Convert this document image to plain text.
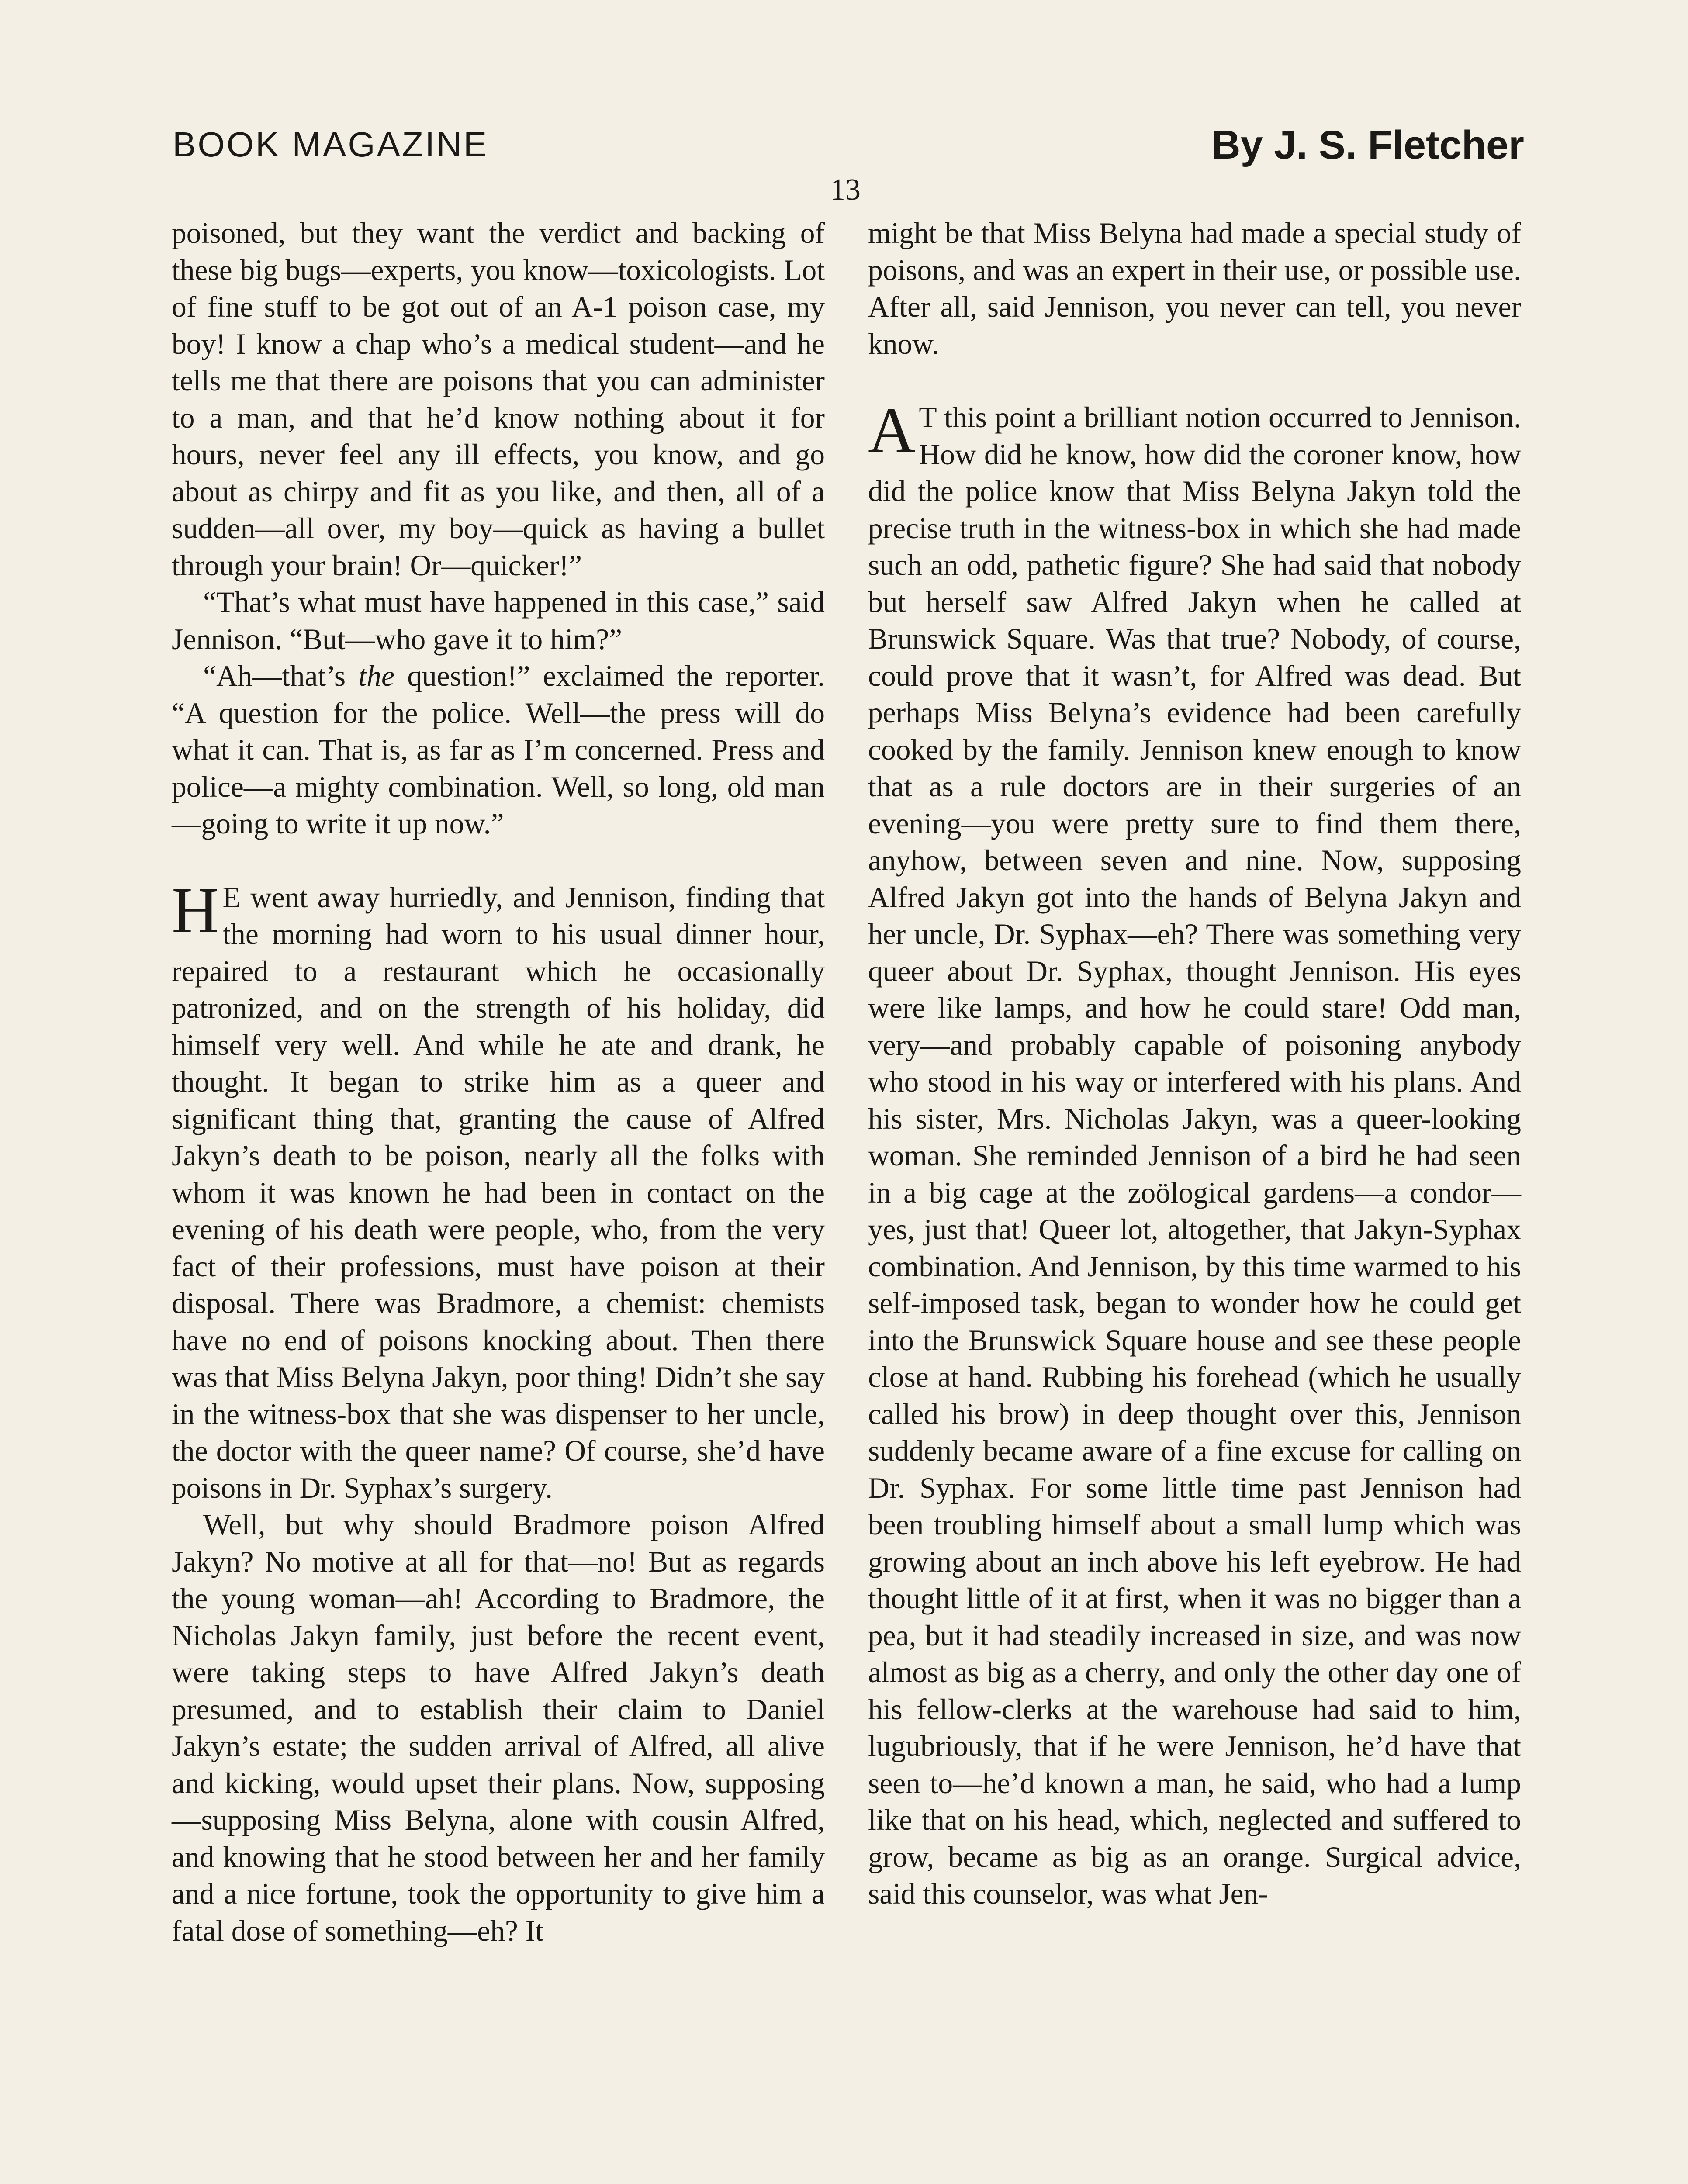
BOOK MAGAZINE	By J. S. Fletcher
13

poisoned, but they want the verdict and backing of these big bugs—experts, you know—toxicologists. Lot of fine stuff to be got out of an A-1 poison case, my boy! I know a chap who’s a medical student—and he tells me that there are poisons that you can administer to a man, and that he’d know nothing about it for hours, never feel any ill effects, you know, and go about as chirpy and fit as you like, and then, all of a sudden—all over, my boy—quick as having a bullet through your brain! Or—quicker!”

“That’s what must have happened in this case,” said Jennison. “But—who gave it to him?”

“Ah—that’s the question!” exclaimed the reporter. “A question for the police. Well—the press will do what it can. That is, as far as I’m concerned. Press and police—a mighty combination. Well, so long, old man—going to write it up now.”

H E went away hurriedly, and Jennison, finding that the morning had worn to his usual dinner hour, repaired to a restaurant which he occasionally patronized, and on the strength of his holiday, did himself very well. And while he ate and drank, he thought. It began to strike him as a queer and significant thing that, granting the cause of Alfred Jakyn’s death to be poison, nearly all the folks with whom it was known he had been in contact on the evening of his death were people, who, from the very fact of their professions, must have poison at their disposal. There was Bradmore, a chemist: chemists have no end of poisons knocking about. Then there was that Miss Belyna Jakyn, poor thing! Didn’t she say in the witness-box that she was dispenser to her uncle, the doctor with the queer name? Of course, she’d have poisons in Dr. Syphax’s surgery.

Well, but why should Bradmore poison Alfred Jakyn? No motive at all for that—no! But as regards the young woman—ah! According to Bradmore, the Nicholas Jakyn family, just before the recent event, were taking steps to have Alfred Jakyn’s death presumed, and to establish their claim to Daniel Jakyn’s estate; the sudden arrival of Alfred, all alive and kicking, would upset their plans. Now, supposing—supposing Miss Belyna, alone with cousin Alfred, and knowing that he stood between her and her family and a nice fortune, took the opportunity to give him a fatal dose of something—eh? It

might be that Miss Belyna had made a special study of poisons, and was an expert in their use, or possible use. After all, said Jennison, you never can tell, you never know.

A T this point a brilliant notion occurred to Jennison. How did he know, how did the coroner know, how did the police know that Miss Belyna Jakyn told the precise truth in the witness-box in which she had made such an odd, pathetic figure? She had said that nobody but herself saw Alfred Jakyn when he called at Brunswick Square. Was that true? Nobody, of course, could prove that it wasn’t, for Alfred was dead. But perhaps Miss Belyna’s evidence had been carefully cooked by the family. Jennison knew enough to know that as a rule doctors are in their surgeries of an evening—you were pretty sure to find them there, anyhow, between seven and nine. Now, supposing Alfred Jakyn got into the hands of Belyna Jakyn and her uncle, Dr. Syphax—eh? There was something very queer about Dr. Syphax, thought Jennison. His eyes were like lamps, and how he could stare! Odd man, very—and probably capable of poisoning anybody who stood in his way or interfered with his plans. And his sister, Mrs. Nicholas Jakyn, was a queer-looking woman. She reminded Jennison of a bird he had seen in a big cage at the zoölogical gardens—a condor—yes, just that! Queer lot, altogether, that Jakyn-Syphax combination. And Jennison, by this time warmed to his self-imposed task, began to wonder how he could get into the Brunswick Square house and see these people close at hand. Rubbing his forehead (which he usually called his brow) in deep thought over this, Jennison suddenly became aware of a fine excuse for calling on Dr. Syphax. For some little time past Jennison had been troubling himself about a small lump which was growing about an inch above his left eyebrow. He had thought little of it at first, when it was no bigger than a pea, but it had steadily increased in size, and was now almost as big as a cherry, and only the other day one of his fellow-clerks at the warehouse had said to him, lugubriously, that if he were Jennison, he’d have that seen to—he’d known a man, he said, who had a lump like that on his head, which, neglected and suffered to grow, became as big as an orange. Surgical advice, said this counselor, was what Jen-
